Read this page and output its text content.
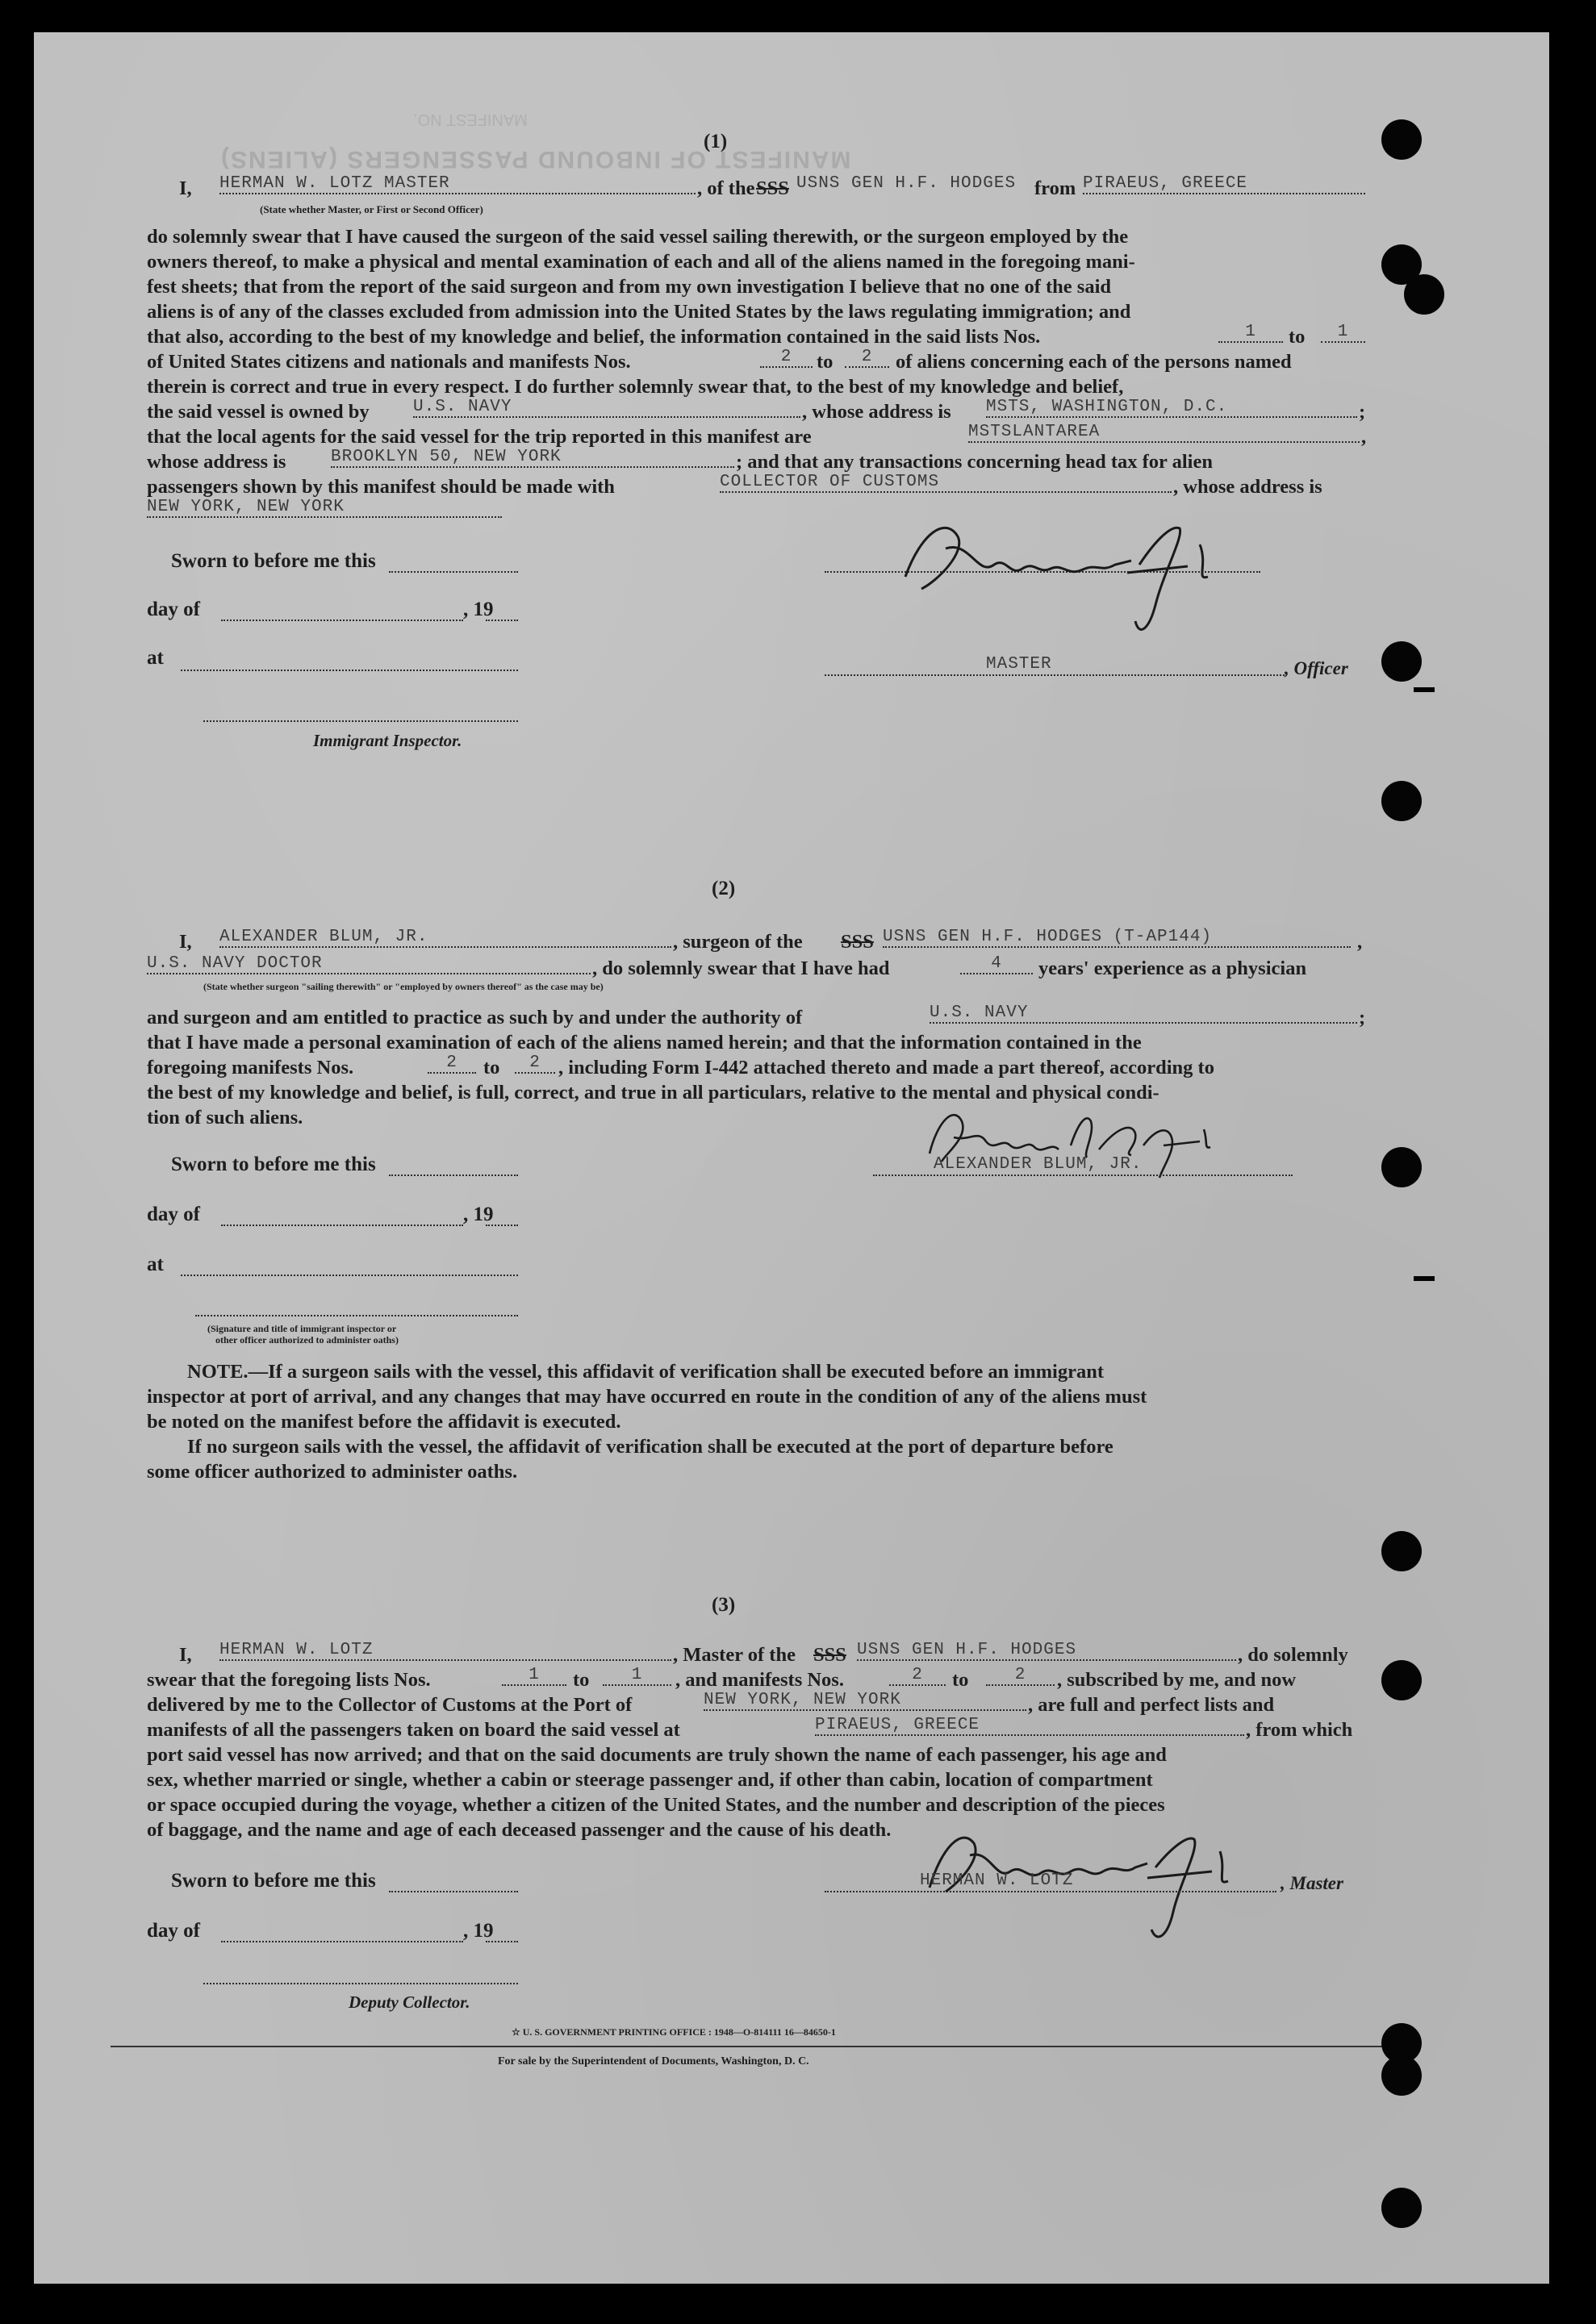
MANIFEST OF INBOUND PASSENGERS (ALIENS)
MANIFEST NO.
(1)
I, HERMAN W. LOTZ MASTER	, of the SSS USNS GEN H.F. HODGES from PIRAEUS, GREECE
(State whether Master, or First or Second Officer)
do solemnly swear that I have caused the surgeon of the said vessel sailing therewith, or the surgeon employed by the
owners thereof, to make a physical and mental examination of each and all of the aliens named in the foregoing mani-
fest sheets; that from the report of the said surgeon and from my own investigation I believe that no one of the said
aliens is of any of the classes excluded from admission into the United States by the laws regulating immigration; and
that also, according to the best of my knowledge and belief, the information contained in the said lists Nos.	1	to	1
of United States citizens and nationals and manifests Nos.	2	to	2	of aliens concerning each of the persons named
therein is correct and true in every respect. I do further solemnly swear that, to the best of my knowledge and belief,
the said vessel is owned by	U.S. NAVY	, whose address is MSTS, WASHINGTON, D.C.	;
that the local agents for the said vessel for the trip reported in this manifest are	MSTSLANTAREA	,
whose address is	BROOKLYN 50, NEW YORK	; and that any transactions concerning head tax for alien
passengers shown by this manifest should be made with	COLLECTOR OF CUSTOMS	, whose address is
NEW YORK, NEW YORK
Sworn to before me this
day of	, 19
at
Immigrant Inspector.
MASTER	, Officer
(2)
I, ALEXANDER BLUM, JR.	, surgeon of the SSS USNS GEN H.F. HODGES (T-AP144)	,
U.S. NAVY DOCTOR	, do solemnly swear that I have had	4	years' experience as a physician
(State whether surgeon "sailing therewith" or "employed by owners thereof" as the case may be)
and surgeon and am entitled to practice as such by and under the authority of	U.S. NAVY	;
that I have made a personal examination of each of the aliens named herein; and that the information contained in the
foregoing manifests Nos.	2	to	2 , including Form I-442 attached thereto and made a part thereof, according to
the best of my knowledge and belief, is full, correct, and true in all particulars, relative to the mental and physical condi-
tion of such aliens.
Sworn to before me this
day of	, 19
at
(Signature and title of immigrant inspector or
other officer authorized to administer oaths)
ALEXANDER BLUM, JR.
NOTE.—If a surgeon sails with the vessel, this affidavit of verification shall be executed before an immigrant
inspector at port of arrival, and any changes that may have occurred en route in the condition of any of the aliens must
be noted on the manifest before the affidavit is executed.
If no surgeon sails with the vessel, the affidavit of verification shall be executed at the port of departure before
some officer authorized to administer oaths.
(3)
I, HERMAN W. LOTZ	, Master of the SSS USNS GEN H.F. HODGES	, do solemnly
swear that the foregoing lists Nos.	1	to	1	, and manifests Nos.	2	to	2	, subscribed by me, and now
delivered by me to the Collector of Customs at the Port of	NEW YORK, NEW YORK	, are full and perfect lists and
manifests of all the passengers taken on board the said vessel at	PIRAEUS, GREECE	, from which
port said vessel has now arrived; and that on the said documents are truly shown the name of each passenger, his age and
sex, whether married or single, whether a cabin or steerage passenger and, if other than cabin, location of compartment
or space occupied during the voyage, whether a citizen of the United States, and the number and description of the pieces
of baggage, and the name and age of each deceased passenger and the cause of his death.
Sworn to before me this
day of	, 19
Deputy Collector.
HERMAN W. LOTZ	, Master
☆ U. S. GOVERNMENT PRINTING OFFICE : 1948—O-814111 16—84650-1
For sale by the Superintendent of Documents, Washington, D. C.
